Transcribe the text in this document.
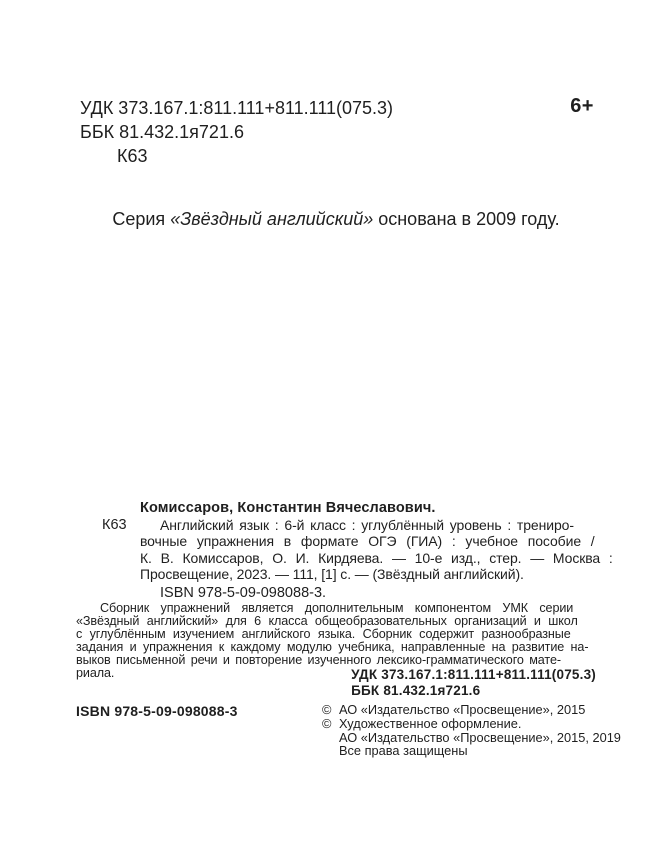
УДК 373.167.1:811.111+811.111(075.3)	6+
ББК 81.432.1я721.6
К63
Серия «Звёздный английский» основана в 2009 году.
Комиссаров, Константин Вячеславович.
К63	Английский язык : 6-й класс : углублённый уровень : трениро-
вочные упражнения в формате ОГЭ (ГИА) : учебное пособие /
К. В. Комиссаров, О. И. Кирдяева. — 10-е изд., стер. — Москва :
Просвещение, 2023. — 111, [1] с. — (Звёздный английский).
ISBN 978-5-09-098088-3.
Сборник упражнений является дополнительным компонентом УМК серии
«Звёздный английский» для 6 класса общеобразовательных организаций и школ
с углублённым изучением английского языка. Сборник содержит разнообразные
задания и упражнения к каждому модулю учебника, направленные на развитие на-
выков письменной речи и повторение изученного лексико-грамматического мате-
риала.	УДК 373.167.1:811.111+811.111(075.3)
ББК 81.432.1я721.6
ISBN 978-5-09-098088-3	© АО «Издательство «Просвещение», 2015
© Художественное оформление.
АО «Издательство «Просвещение», 2015, 2019
Все права защищены
